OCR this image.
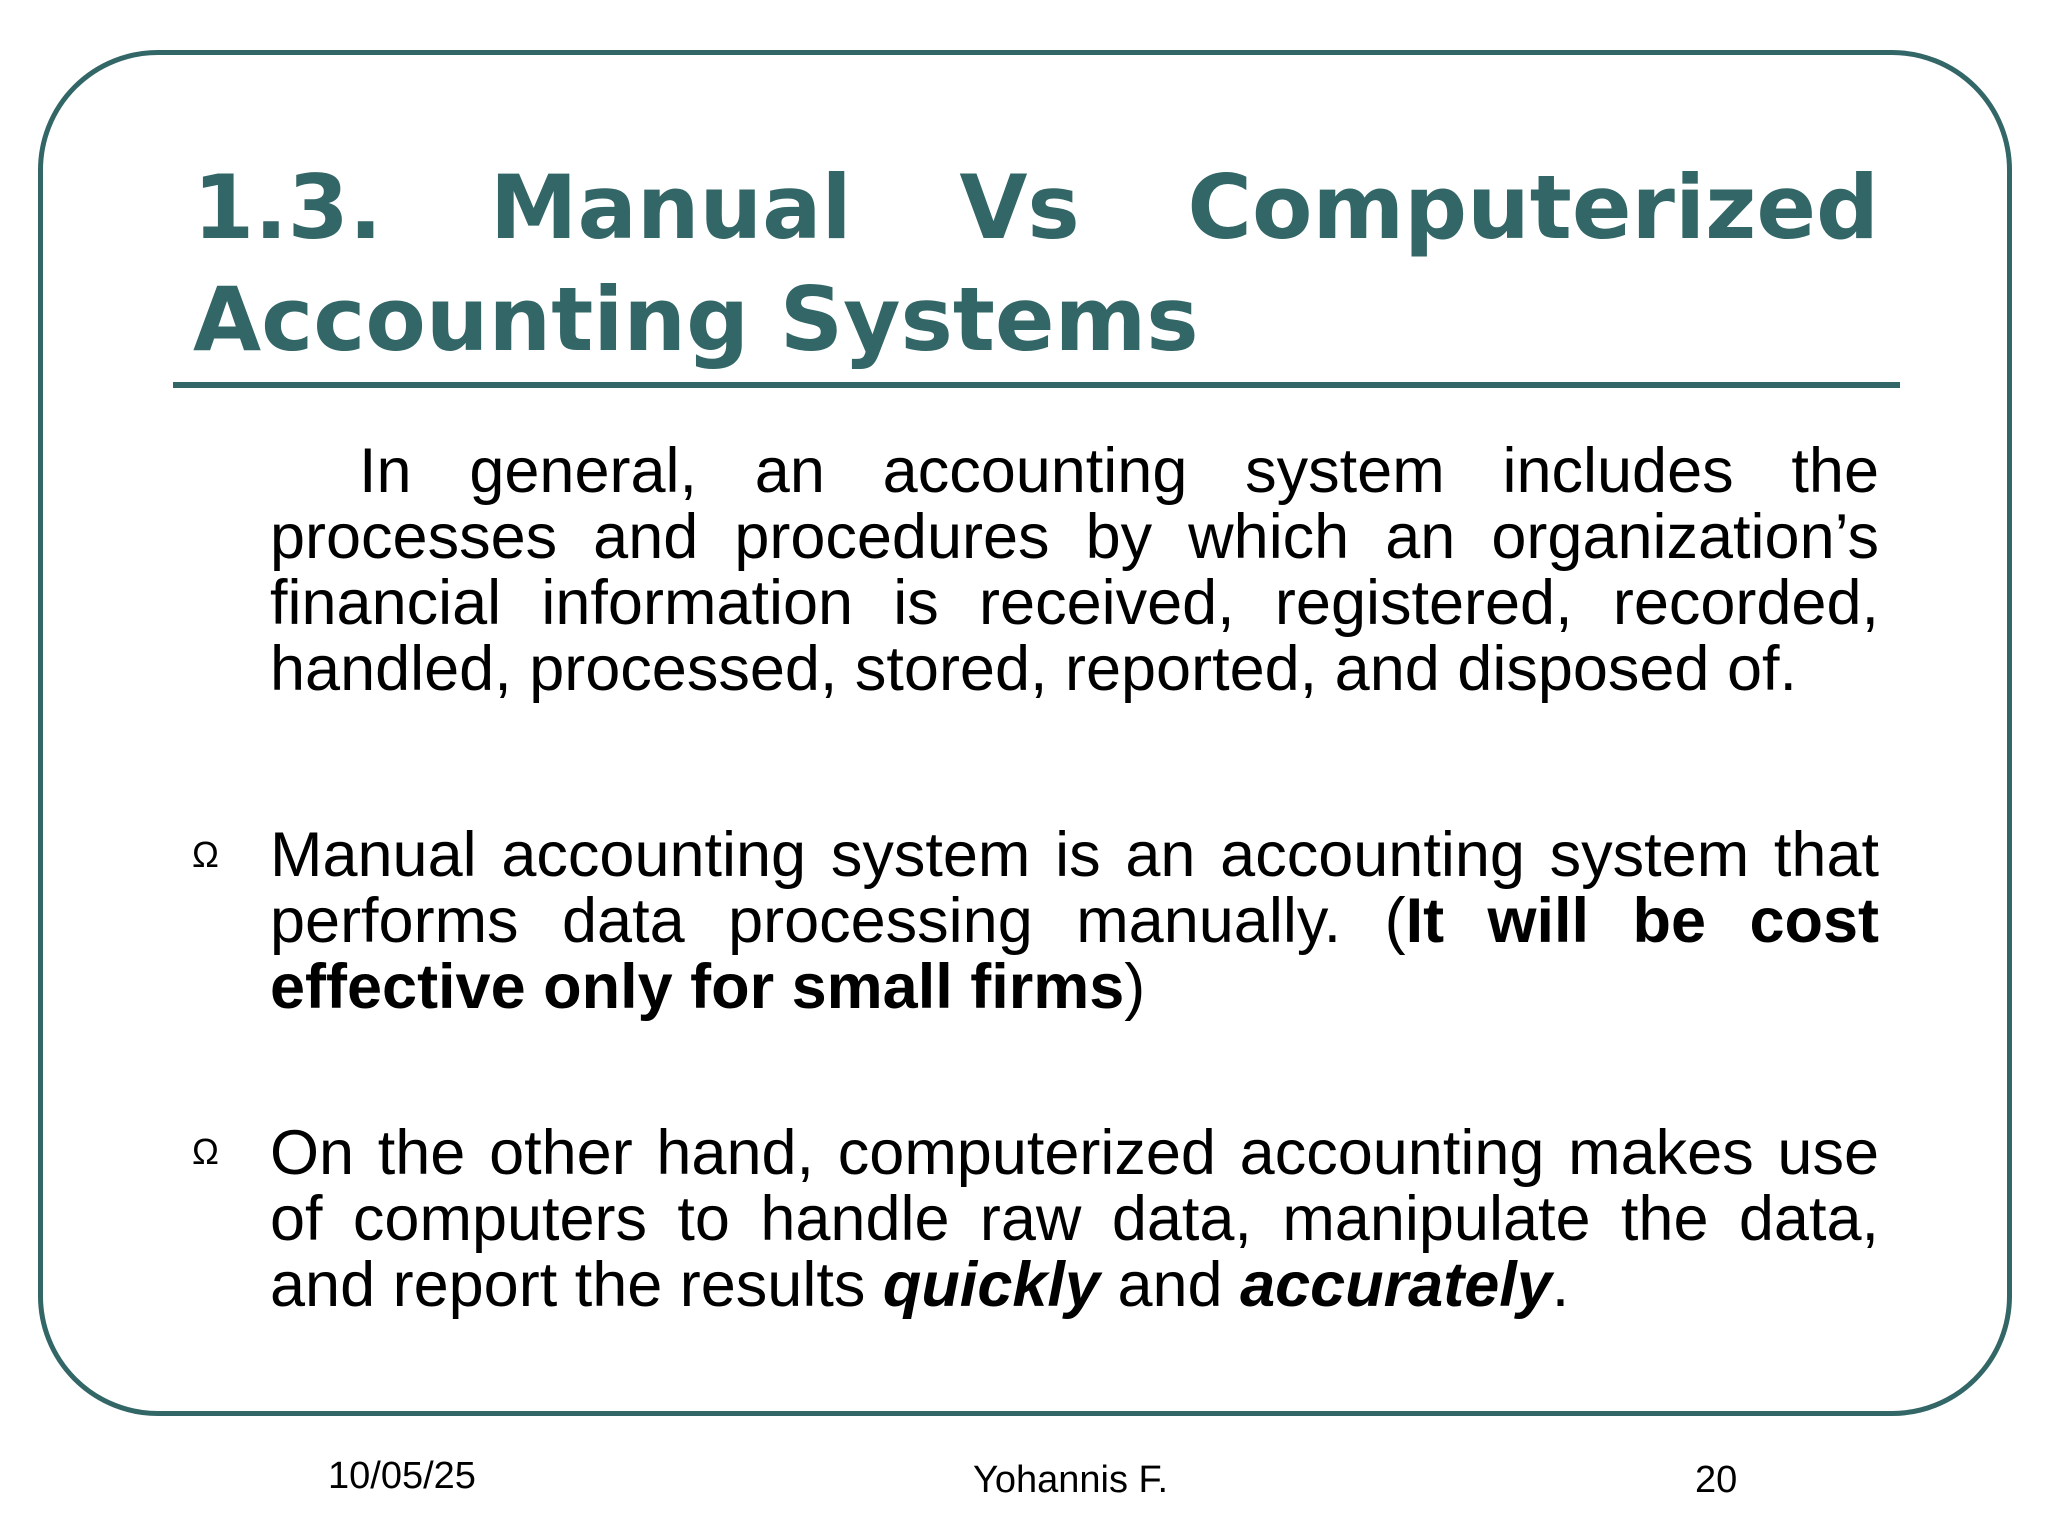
1.3. Manual Vs Computerized Accounting Systems

In general, an accounting system includes the processes and procedures by which an organization’s financial information is received, registered, recorded, handled, processed, stored, reported, and disposed of.

Ω Manual accounting system is an accounting system that performs data processing manually. (It will be cost effective only for small firms)

Ω On the other hand, computerized accounting makes use of computers to handle raw data, manipulate the data, and report the results quickly and accurately.

10/05/25	Yohannis F.	20
